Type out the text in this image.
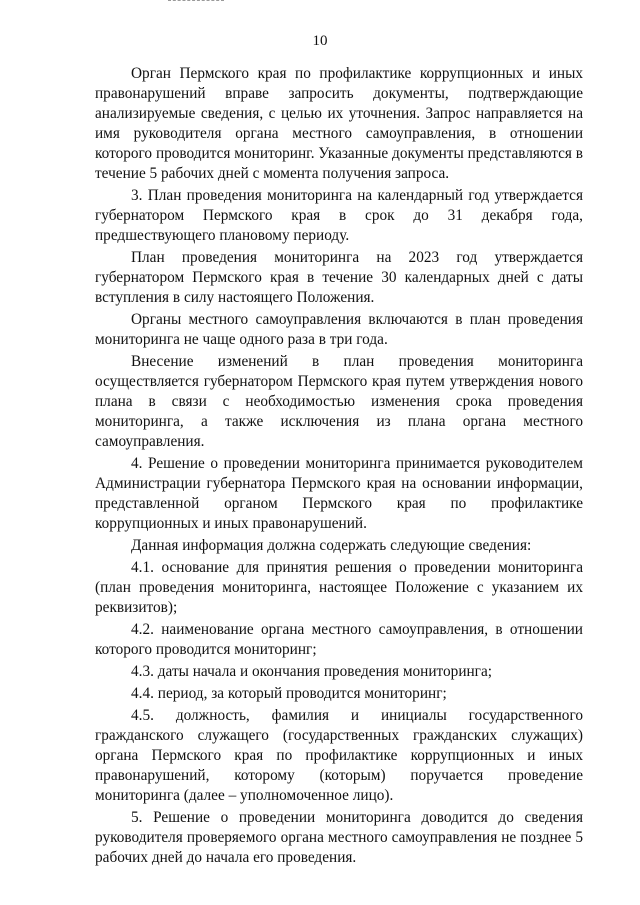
10

Орган Пермского края по профилактике коррупционных и иных правонарушений вправе запросить документы, подтверждающие анализируемые сведения, с целью их уточнения. Запрос направляется на имя руководителя органа местного самоуправления, в отношении которого проводится мониторинг. Указанные документы представляются в течение 5 рабочих дней с момента получения запроса.

3. План проведения мониторинга на календарный год утверждается губернатором Пермского края в срок до 31 декабря года, предшествующего плановому периоду.

План проведения мониторинга на 2023 год утверждается губернатором Пермского края в течение 30 календарных дней с даты вступления в силу настоящего Положения.

Органы местного самоуправления включаются в план проведения мониторинга не чаще одного раза в три года.

Внесение изменений в план проведения мониторинга осуществляется губернатором Пермского края путем утверждения нового плана в связи с необходимостью изменения срока проведения мониторинга, а также исключения из плана органа местного самоуправления.

4. Решение о проведении мониторинга принимается руководителем Администрации губернатора Пермского края на основании информации, представленной органом Пермского края по профилактике коррупционных и иных правонарушений.

Данная информация должна содержать следующие сведения:

4.1. основание для принятия решения о проведении мониторинга (план проведения мониторинга, настоящее Положение с указанием их реквизитов);

4.2. наименование органа местного самоуправления, в отношении которого проводится мониторинг;

4.3. даты начала и окончания проведения мониторинга;

4.4. период, за который проводится мониторинг;

4.5. должность, фамилия и инициалы государственного гражданского служащего (государственных гражданских служащих) органа Пермского края по профилактике коррупционных и иных правонарушений, которому (которым) поручается проведение мониторинга (далее – уполномоченное лицо).

5. Решение о проведении мониторинга доводится до сведения руководителя проверяемого органа местного самоуправления не позднее 5 рабочих дней до начала его проведения.
